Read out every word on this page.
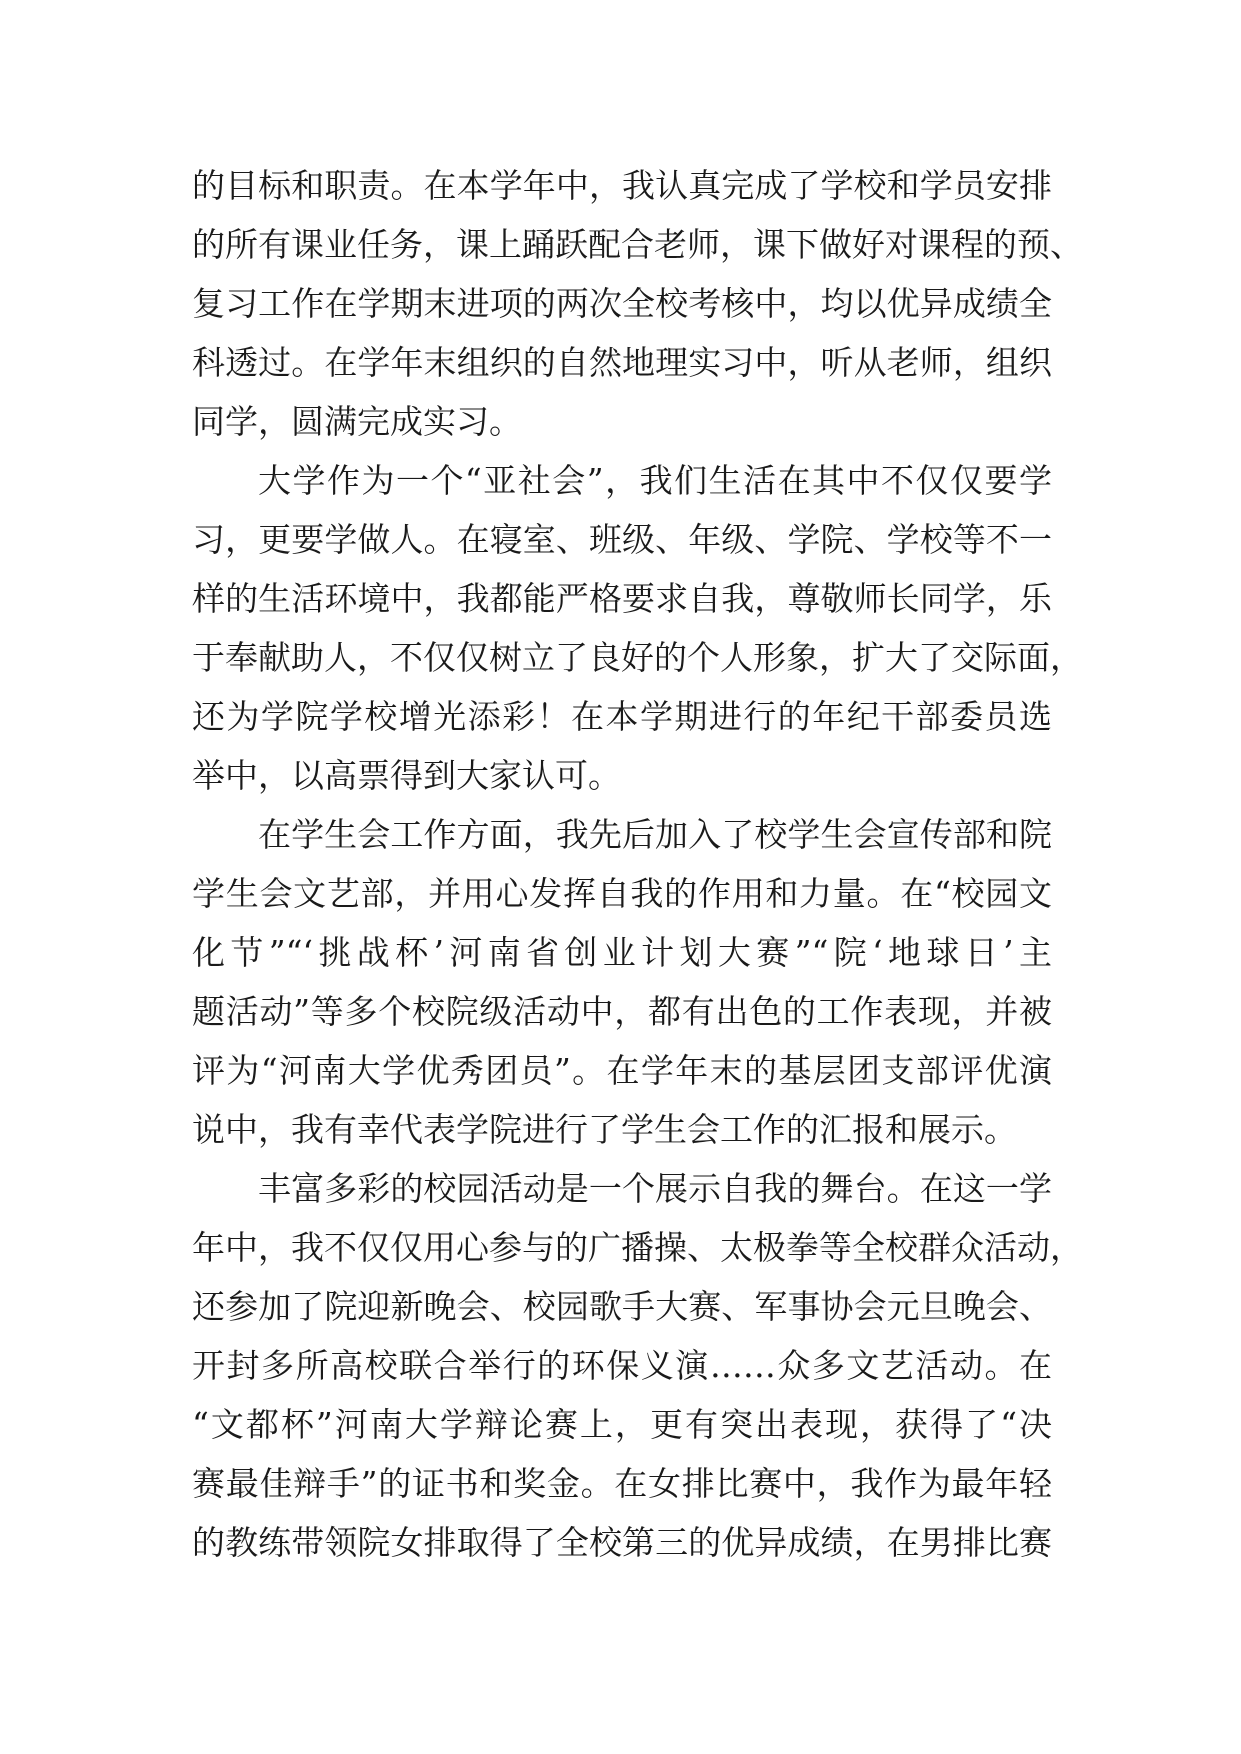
的目标和职责。在本学年中，我认真完成了学校和学员安排
的所有课业任务，课上踊跃配合老师，课下做好对课程的预、
复习工作在学期末进项的两次全校考核中，均以优异成绩全
科透过。在学年末组织的自然地理实习中，听从老师，组织
同学，圆满完成实习。
大学作为一个“亚社会”，我们生活在其中不仅仅要学
习，更要学做人。在寝室、班级、年级、学院、学校等不一
样的生活环境中，我都能严格要求自我，尊敬师长同学，乐
于奉献助人，不仅仅树立了良好的个人形象，扩大了交际面，
还为学院学校增光添彩！在本学期进行的年纪干部委员选
举中，以高票得到大家认可。
在学生会工作方面，我先后加入了校学生会宣传部和院
学生会文艺部，并用心发挥自我的作用和力量。在“校园文
化节”“‘挑战杯’河南省创业计划大赛”“院‘地球日’主
题活动”等多个校院级活动中，都有出色的工作表现，并被
评为“河南大学优秀团员”。在学年末的基层团支部评优演
说中，我有幸代表学院进行了学生会工作的汇报和展示。
丰富多彩的校园活动是一个展示自我的舞台。在这一学
年中，我不仅仅用心参与的广播操、太极拳等全校群众活动，
还参加了院迎新晚会、校园歌手大赛、军事协会元旦晚会、
开封多所高校联合举行的环保义演……众多文艺活动。在
“文都杯”河南大学辩论赛上，更有突出表现，获得了“决
赛最佳辩手”的证书和奖金。在女排比赛中，我作为最年轻
的教练带领院女排取得了全校第三的优异成绩，在男排比赛
